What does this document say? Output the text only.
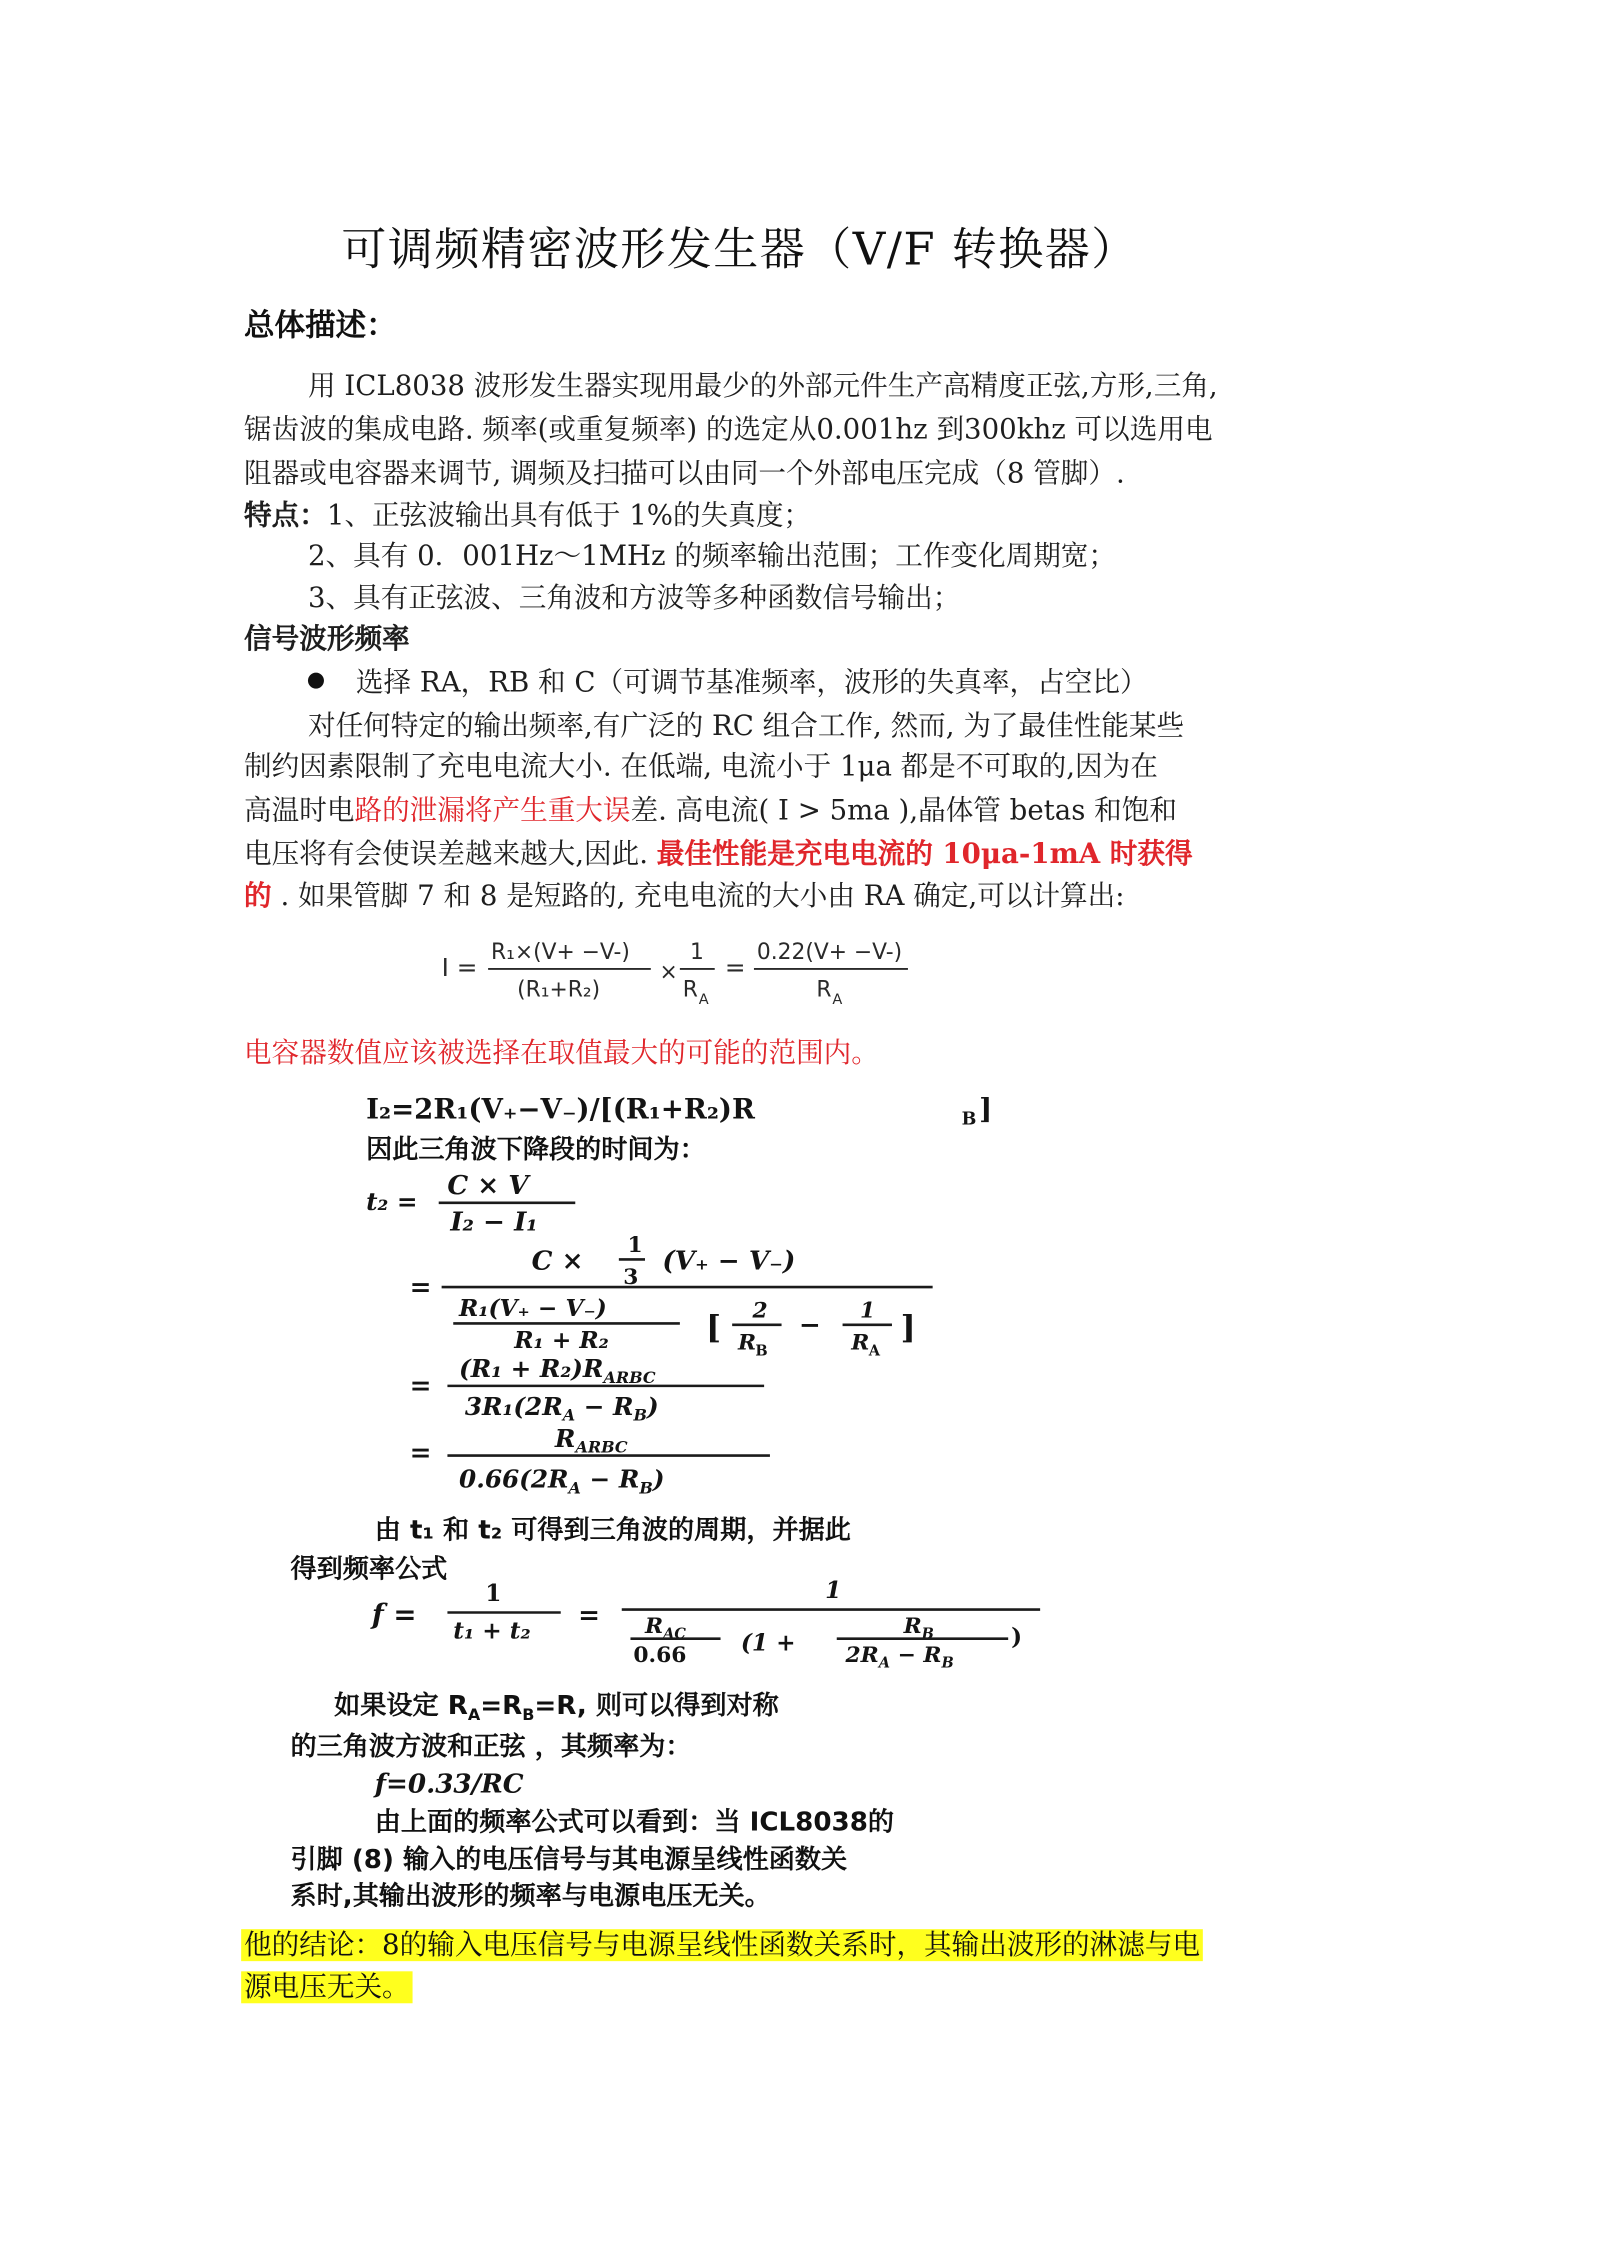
可调频精密波形发生器（V/F 转换器）
总体描述：
用 ICL8038 波形发生器实现用最少的外部元件生产高精度正弦,方形,三角,
锯齿波的集成电路. 频率(或重复频率) 的选定从0.001hz 到300khz 可以选用电
阻器或电容器来调节, 调频及扫描可以由同一个外部电压完成（8 管脚）.
特点：1、正弦波输出具有低于 1%的失真度；
2、具有 0．001Hz～1MHz 的频率输出范围；工作变化周期宽；
3、具有正弦波、三角波和方波等多种函数信号输出；
信号波形频率
选择 RA，RB 和 C（可调节基准频率，波形的失真率，占空比）
对任何特定的输出频率,有广泛的 RC 组合工作, 然而, 为了最佳性能某些
制约因素限制了充电电流大小. 在低端, 电流小于 1μa 都是不可取的,因为在
高温时电路的泄漏将产生重大误差. 高电流( I > 5ma ),晶体管 betas 和饱和
电压将有会使误差越来越大,因此. 最佳性能是充电电流的 10μa-1mA 时获得
的 . 如果管脚 7 和 8 是短路的, 充电电流的大小由 RA 确定,可以计算出:
I =
R₁×(V+ −V-)
(R₁+R₂)
×
1
R A
=
0.22(V+ −V-)
R A
电容器数值应该被选择在取值最大的可能的范围内。
I₂=2R₁(V₊−V₋)/[(R₁+R₂)R	B ]
因此三角波下降段的时间为：
t₂ =
C × V
I₂ − I₁
=
C ×	1
3
(V₊ − V₋)
R₁(V₊ − V₋)
R₁ + R₂	[ 2
R B
−	1
R A
]
=
$(R_1 + R_2)R_{AR}BC$
$3R_1(2R_A - R_B)$
=	$R_{AR}BC$
$0.66(2R_A - R_B)$
由 t₁ 和 t₂ 可得到三角波的周期，并据此
得到频率公式
f =
1
t₁ + t₂
=
1
$R_{AC}$
0.66	(1 +
$R_B$
$2R_A - R_B$
)
如果设定 $R_A=R_B=R$, 则可以得到对称
的三角波方波和正弦 ，其频率为：
f=0.33/RC
由上面的频率公式可以看到：当 ICL8038的
引脚 (8) 输入的电压信号与其电源呈线性函数关
系时,其输出波形的频率与电源电压无关。
他的结论：8的输入电压信号与电源呈线性函数关系时，其输出波形的淋滤与电
源电压无关。
